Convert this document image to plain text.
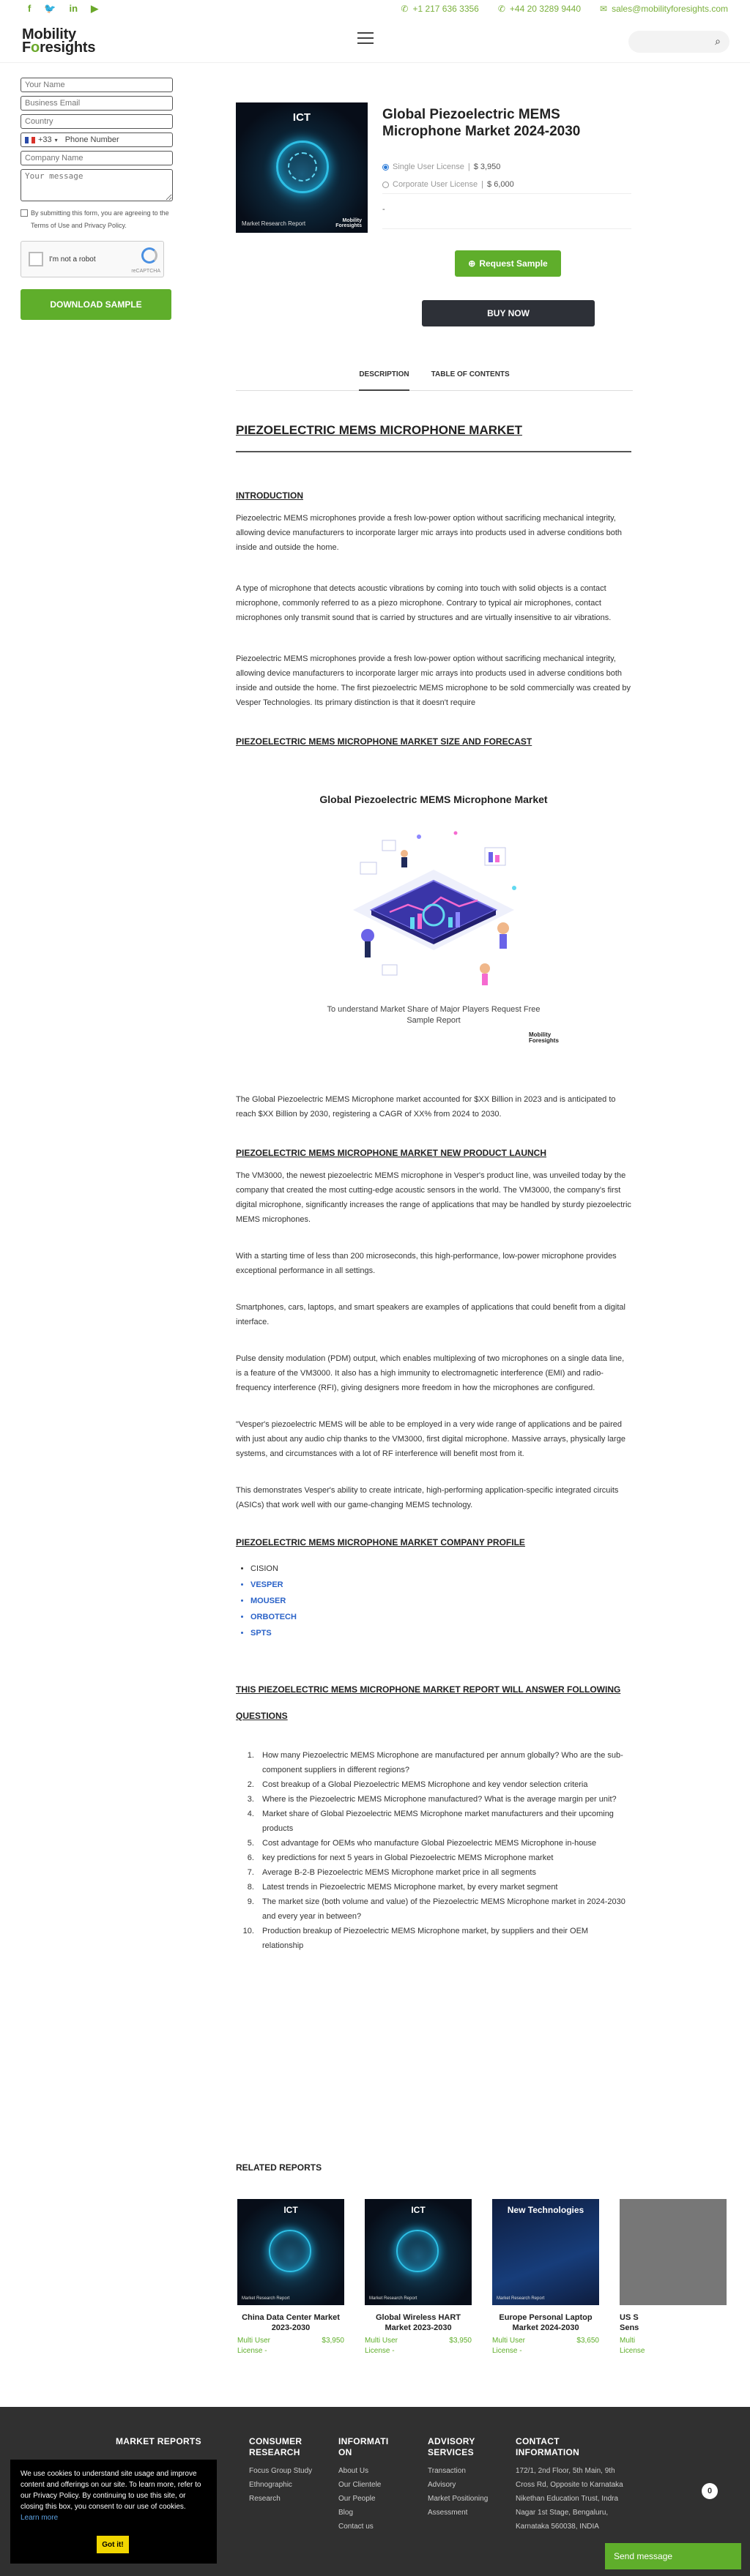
f 🐦 in ▶	✆ +1 217 636 3356 ✆ +44 20 3289 9440 ✉ sales@mobilityforesights.com
Mobility
Foresights	⌕
Your Name
Business Email
Country
+33 ▾ Phone Number
Company Name
Your message
By submitting this form, you are agreeing to the Terms of Use and Privacy Policy.
I'm not a robot
reCAPTCHA
DOWNLOAD SAMPLE
ICT
Market Research Report	Mobility Foresights
Global Piezoelectric MEMS Microphone Market 2024-2030
Single User License | $ 3,950
Corporate User License | $ 6,000
-
⊕ Request Sample
BUY NOW
DESCRIPTION	TABLE OF CONTENTS
PIEZOELECTRIC MEMS MICROPHONE MARKET
INTRODUCTION

Piezoelectric MEMS microphones provide a fresh low-power option without sacrificing mechanical integrity, allowing device manufacturers to incorporate larger mic arrays into products used in adverse conditions both inside and outside the home.

A type of microphone that detects acoustic vibrations by coming into touch with solid objects is a contact microphone, commonly referred to as a piezo microphone. Contrary to typical air microphones, contact microphones only transmit sound that is carried by structures and are virtually insensitive to air vibrations.

Piezoelectric MEMS microphones provide a fresh low-power option without sacrificing mechanical integrity, allowing device manufacturers to incorporate larger mic arrays into products used in adverse conditions both inside and outside the home. The first piezoelectric MEMS microphone to be sold commercially was created by Vesper Technologies. Its primary distinction is that it doesn't require

PIEZOELECTRIC MEMS MICROPHONE MARKET SIZE AND FORECAST
Global Piezoelectric MEMS Microphone Market
To understand Market Share of Major Players Request Free Sample Report
Mobility Foresights

The Global Piezoelectric MEMS Microphone market accounted for $XX Billion in 2023 and is anticipated to reach $XX Billion by 2030, registering a CAGR of XX% from 2024 to 2030.

PIEZOELECTRIC MEMS MICROPHONE MARKET NEW PRODUCT LAUNCH

The VM3000, the newest piezoelectric MEMS microphone in Vesper's product line, was unveiled today by the company that created the most cutting-edge acoustic sensors in the world. The VM3000, the company's first digital microphone, significantly increases the range of applications that may be handled by sturdy piezoelectric MEMS microphones.

With a starting time of less than 200 microseconds, this high-performance, low-power microphone provides exceptional performance in all settings.

Smartphones, cars, laptops, and smart speakers are examples of applications that could benefit from a digital interface.

Pulse density modulation (PDM) output, which enables multiplexing of two microphones on a single data line, is a feature of the VM3000. It also has a high immunity to electromagnetic interference (EMI) and radio-frequency interference (RFI), giving designers more freedom in how the microphones are configured.

"Vesper's piezoelectric MEMS will be able to be employed in a very wide range of applications and be paired with just about any audio chip thanks to the VM3000, first digital microphone. Massive arrays, physically large systems, and circumstances with a lot of RF interference will benefit most from it.

This demonstrates Vesper's ability to create intricate, high-performing application-specific integrated circuits (ASICs) that work well with our game-changing MEMS technology.

PIEZOELECTRIC MEMS MICROPHONE MARKET COMPANY PROFILE
• CISION
• VESPER
• MOUSER
• ORBOTECH
• SPTS
THIS PIEZOELECTRIC MEMS MICROPHONE MARKET REPORT WILL ANSWER FOLLOWING QUESTIONS
1. How many Piezoelectric MEMS Microphone are manufactured per annum globally? Who are the sub-component suppliers in different regions?
2. Cost breakup of a Global Piezoelectric MEMS Microphone and key vendor selection criteria
3. Where is the Piezoelectric MEMS Microphone manufactured? What is the average margin per unit?
4. Market share of Global Piezoelectric MEMS Microphone market manufacturers and their upcoming products
5. Cost advantage for OEMs who manufacture Global Piezoelectric MEMS Microphone in-house
6. key predictions for next 5 years in Global Piezoelectric MEMS Microphone market
7. Average B-2-B Piezoelectric MEMS Microphone market price in all segments
8. Latest trends in Piezoelectric MEMS Microphone market, by every market segment
9. The market size (both volume and value) of the Piezoelectric MEMS Microphone market in 2024-2030 and every year in between?
10. Production breakup of Piezoelectric MEMS Microphone market, by suppliers and their OEM relationship
RELATED REPORTS
ICT
Market Research Report
China Data Center Market 2023-2030
Multi User License -
$3,950
ICT
Market Research Report
Global Wireless HART Market 2023-2030
Multi User License -
$3,950
New Technologies
Market Research Report
Europe Personal Laptop Market 2024-2030
Multi User License -
$3,650
US S Sens
Multi License
MARKET REPORTS	CONSUMER RESEARCH
Focus Group Study
Ethnographic Research
INFORMATION
About Us
Our Clientele
Our People
Blog
Contact us
ADVISORY SERVICES
Transaction Advisory
Market Positioning Assessment
CONTACT INFORMATION
172/1, 2nd Floor, 5th Main, 9th Cross Rd, Opposite to Karnataka Nikethan Education Trust, Indra Nagar 1st Stage, Bengaluru, Karnataka 560038, INDIA
We use cookies to understand site usage and improve content and offerings on our site. To learn more, refer to our Privacy Policy. By continuing to use this site, or closing this box, you consent to our use of cookies. Learn more
Got it!
0
Send message
